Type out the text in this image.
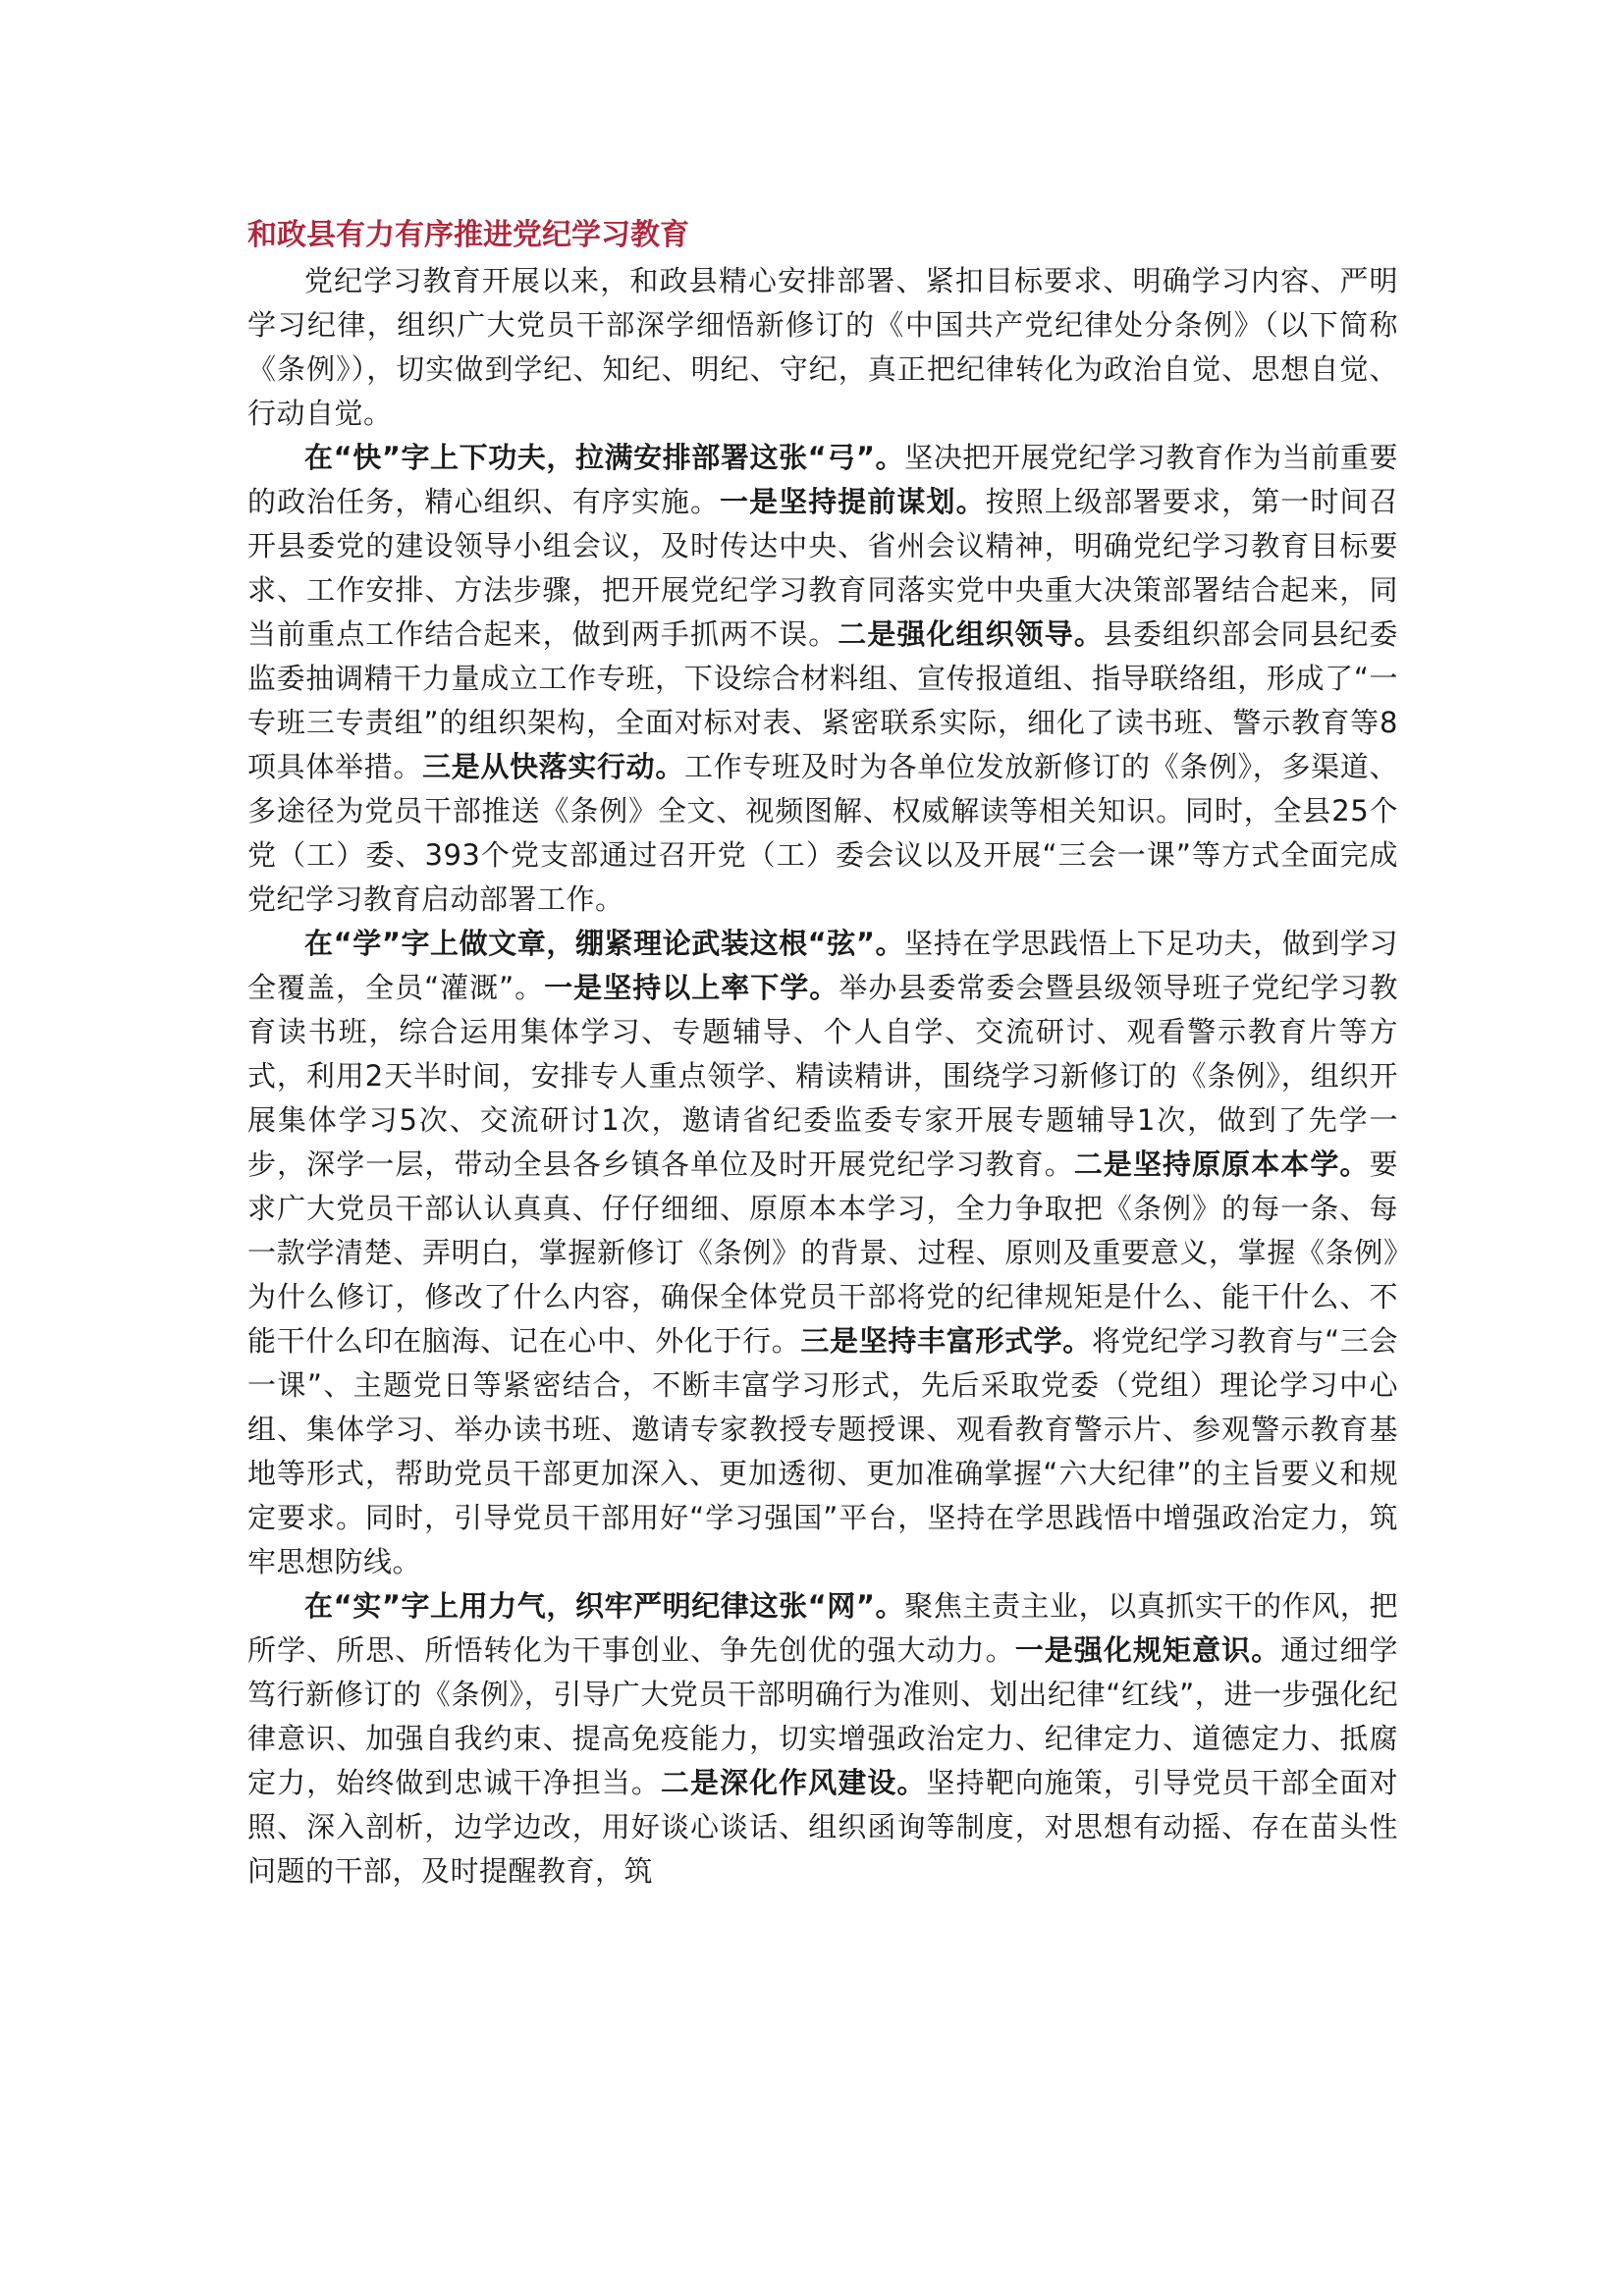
和政县有力有序推进党纪学习教育

党纪学习教育开展以来，和政县精心安排部署、紧扣目标要求、明确学习内容、严明学习纪律，组织广大党员干部深学细悟新修订的《中国共产党纪律处分条例》（以下简称《条例》），切实做到学纪、知纪、明纪、守纪，真正把纪律转化为政治自觉、思想自觉、行动自觉。

在“快”字上下功夫，拉满安排部署这张“弓”。坚决把开展党纪学习教育作为当前重要的政治任务，精心组织、有序实施。一是坚持提前谋划。按照上级部署要求，第一时间召开县委党的建设领导小组会议，及时传达中央、省州会议精神，明确党纪学习教育目标要求、工作安排、方法步骤，把开展党纪学习教育同落实党中央重大决策部署结合起来，同当前重点工作结合起来，做到两手抓两不误。二是强化组织领导。县委组织部会同县纪委监委抽调精干力量成立工作专班，下设综合材料组、宣传报道组、指导联络组，形成了“一专班三专责组”的组织架构，全面对标对表、紧密联系实际，细化了读书班、警示教育等8项具体举措。三是从快落实行动。工作专班及时为各单位发放新修订的《条例》，多渠道、多途径为党员干部推送《条例》全文、视频图解、权威解读等相关知识。同时，全县25个党（工）委、393个党支部通过召开党（工）委会议以及开展“三会一课”等方式全面完成党纪学习教育启动部署工作。

在“学”字上做文章，绷紧理论武装这根“弦”。坚持在学思践悟上下足功夫，做到学习全覆盖，全员“灌溉”。一是坚持以上率下学。举办县委常委会暨县级领导班子党纪学习教育读书班，综合运用集体学习、专题辅导、个人自学、交流研讨、观看警示教育片等方式，利用2天半时间，安排专人重点领学、精读精讲，围绕学习新修订的《条例》，组织开展集体学习5次、交流研讨1次，邀请省纪委监委专家开展专题辅导1次，做到了先学一步，深学一层，带动全县各乡镇各单位及时开展党纪学习教育。二是坚持原原本本学。要求广大党员干部认认真真、仔仔细细、原原本本学习，全力争取把《条例》的每一条、每一款学清楚、弄明白，掌握新修订《条例》的背景、过程、原则及重要意义，掌握《条例》为什么修订，修改了什么内容，确保全体党员干部将党的纪律规矩是什么、能干什么、不能干什么印在脑海、记在心中、外化于行。三是坚持丰富形式学。将党纪学习教育与“三会一课”、主题党日等紧密结合，不断丰富学习形式，先后采取党委（党组）理论学习中心组、集体学习、举办读书班、邀请专家教授专题授课、观看教育警示片、参观警示教育基地等形式，帮助党员干部更加深入、更加透彻、更加准确掌握“六大纪律”的主旨要义和规定要求。同时，引导党员干部用好“学习强国”平台，坚持在学思践悟中增强政治定力，筑牢思想防线。

在“实”字上用力气，织牢严明纪律这张“网”。聚焦主责主业，以真抓实干的作风，把所学、所思、所悟转化为干事创业、争先创优的强大动力。一是强化规矩意识。通过细学笃行新修订的《条例》，引导广大党员干部明确行为准则、划出纪律“红线”，进一步强化纪律意识、加强自我约束、提高免疫能力，切实增强政治定力、纪律定力、道德定力、抵腐定力，始终做到忠诚干净担当。二是深化作风建设。坚持靶向施策，引导党员干部全面对照、深入剖析，边学边改，用好谈心谈话、组织函询等制度，对思想有动摇、存在苗头性问题的干部，及时提醒教育，筑
